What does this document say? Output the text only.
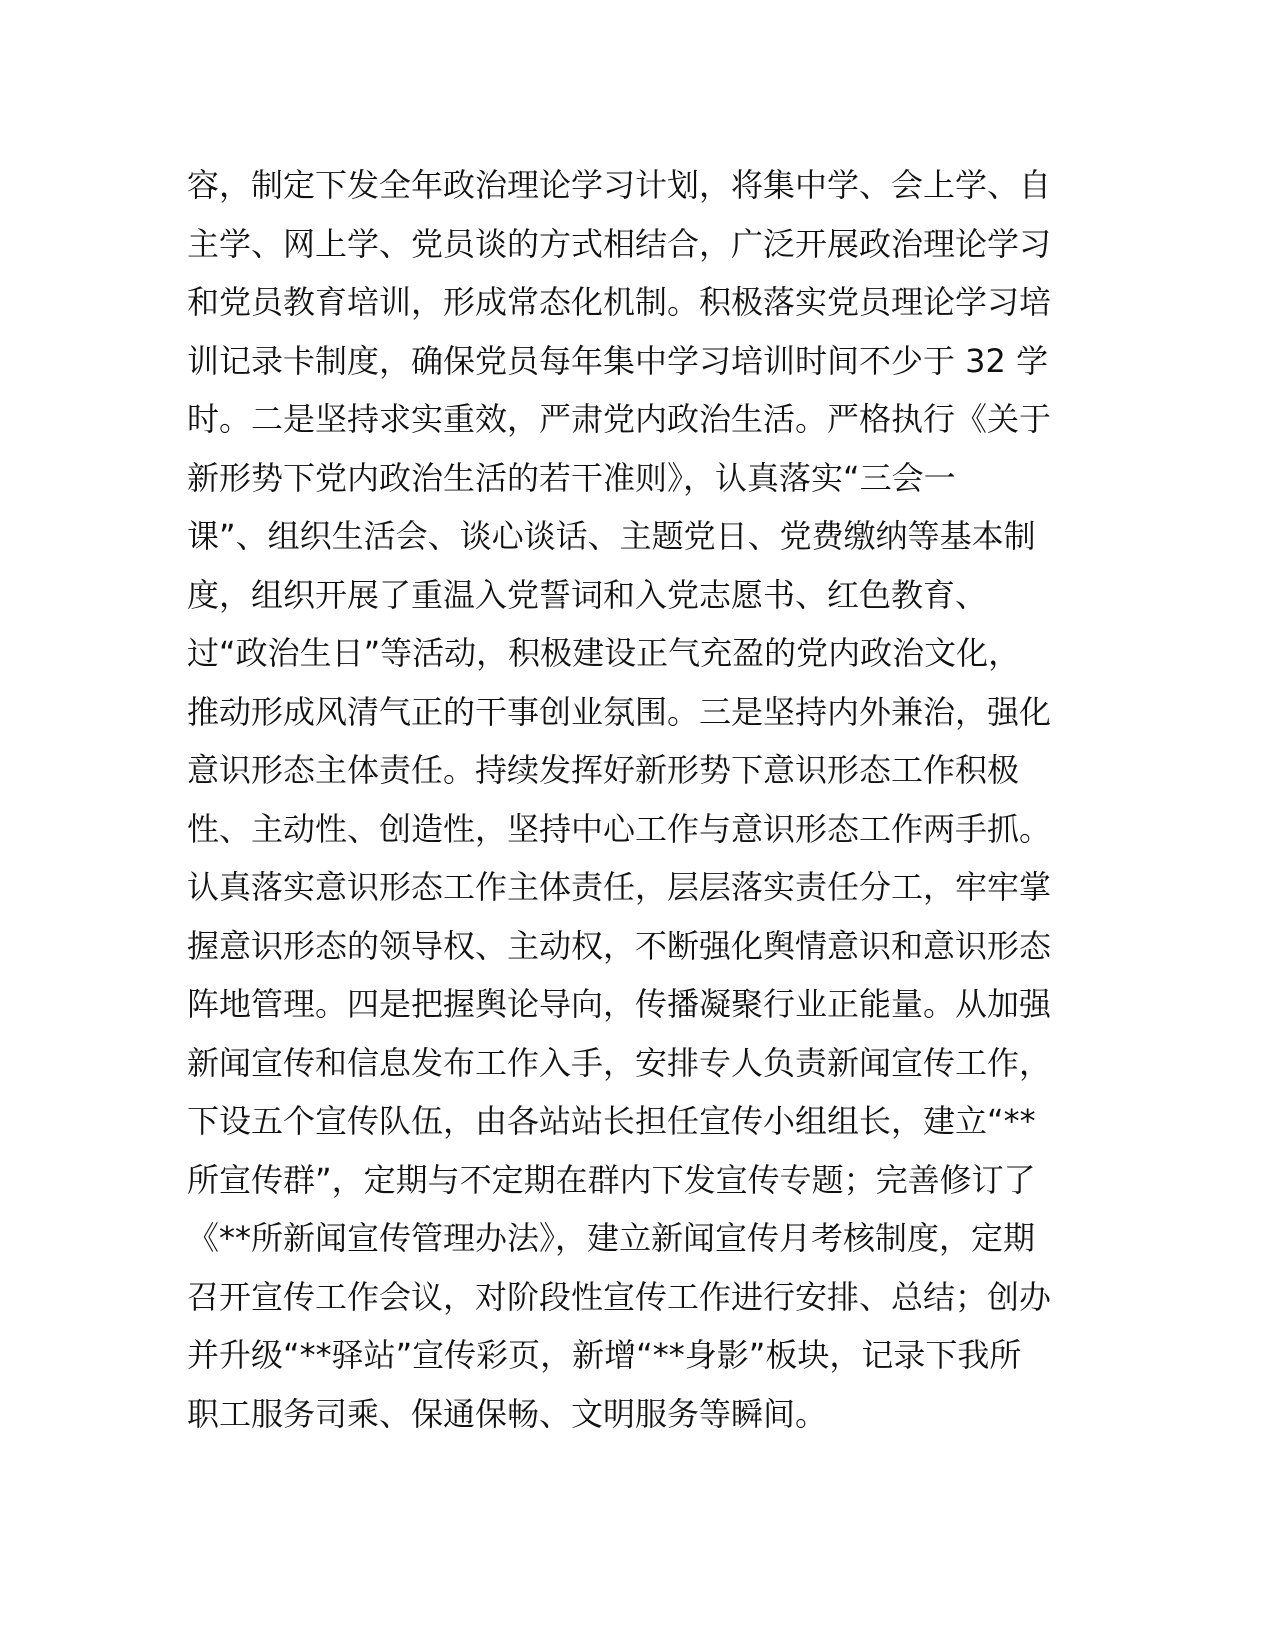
容，制定下发全年政治理论学习计划，将集中学、会上学、自
主学、网上学、党员谈的方式相结合，广泛开展政治理论学习
和党员教育培训，形成常态化机制。积极落实党员理论学习培
训记录卡制度，确保党员每年集中学习培训时间不少于 32 学
时。二是坚持求实重效，严肃党内政治生活。严格执行《关于
新形势下党内政治生活的若干准则》，认真落实“三会一
课”、组织生活会、谈心谈话、主题党日、党费缴纳等基本制
度，组织开展了重温入党誓词和入党志愿书、红色教育、
过“政治生日”等活动，积极建设正气充盈的党内政治文化，
推动形成风清气正的干事创业氛围。三是坚持内外兼治，强化
意识形态主体责任。持续发挥好新形势下意识形态工作积极
性、主动性、创造性，坚持中心工作与意识形态工作两手抓。
认真落实意识形态工作主体责任，层层落实责任分工，牢牢掌
握意识形态的领导权、主动权，不断强化舆情意识和意识形态
阵地管理。四是把握舆论导向，传播凝聚行业正能量。从加强
新闻宣传和信息发布工作入手，安排专人负责新闻宣传工作，
下设五个宣传队伍，由各站站长担任宣传小组组长，建立“**
所宣传群”，定期与不定期在群内下发宣传专题；完善修订了
《**所新闻宣传管理办法》，建立新闻宣传月考核制度，定期
召开宣传工作会议，对阶段性宣传工作进行安排、总结；创办
并升级“**驿站”宣传彩页，新增“**身影”板块，记录下我所
职工服务司乘、保通保畅、文明服务等瞬间。
